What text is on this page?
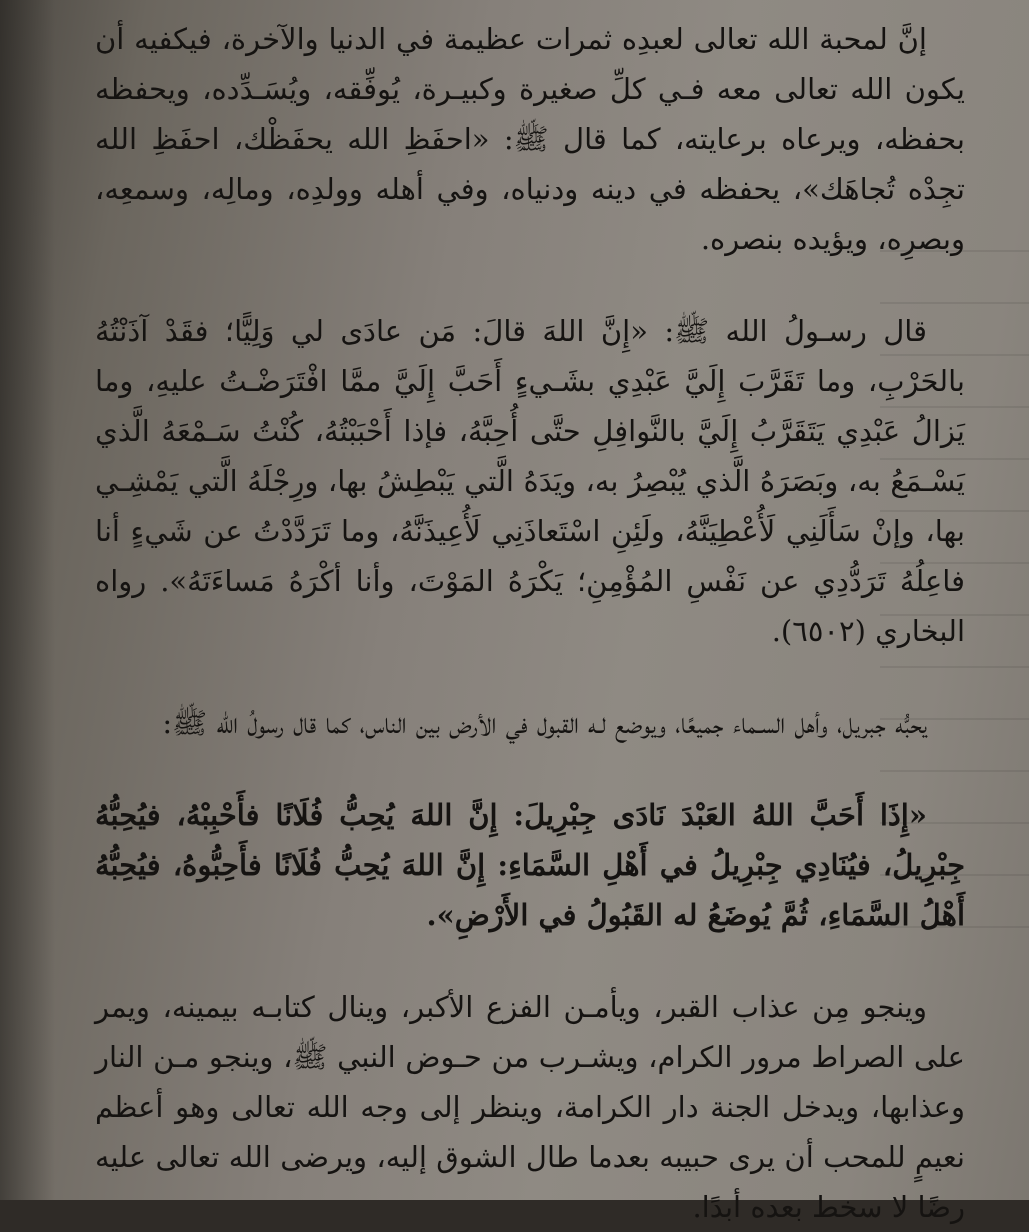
إنَّ لمحبة الله تعالى لعبدِه ثمرات عظيمة في الدنيا والآخرة، فيكفيه أن يكون الله تعالى معه فـي كلِّ صغيرة وكبيـرة، يُوفِّقه، ويُسَـدِّده، ويحفظه بحفظه، ويرعاه برعايته، كما قال ﷺ: «احفَظِ الله يحفَظْك، احفَظِ الله تجِدْه تُجاهَك»، يحفظه في دينه ودنياه، وفي أهله وولدِه، ومالِه، وسمعِه، وبصرِه، ويؤيده بنصره.

قال رسـولُ الله ﷺ: «إِنَّ اللهَ قالَ: مَن عادَى لي وَلِيًّا؛ فقَدْ آذَنْتُهُ بالحَرْبِ، وما تَقَرَّبَ إِلَيَّ عَبْدِي بشَـيءٍ أَحَبَّ إِلَيَّ ممَّا افْتَرَضْـتُ عليهِ، وما يَزالُ عَبْدِي يَتَقَرَّبُ إِلَيَّ بالنَّوافِلِ حتَّى أُحِبَّهُ، فإذا أَحْبَبْتُهُ، كُنْتُ سَـمْعَهُ الَّذي يَسْـمَعُ به، وبَصَرَهُ الَّذي يُبْصِرُ به، ويَدَهُ الَّتي يَبْطِشُ بها، ورِجْلَهُ الَّتي يَمْشِـي بها، وإنْ سَأَلَنِي لَأُعْطِيَنَّهُ، ولَئِنِ اسْتَعاذَنِي لَأُعِيذَنَّهُ، وما تَرَدَّدْتُ عن شَيءٍ أنا فاعِلُهُ تَرَدُّدِي عن نَفْسِ المُؤْمِنِ؛ يَكْرَهُ المَوْتَ، وأنا أكْرَهُ مَساءَتَهُ». رواه البخاري (٦٥٠٢).

يحبُّه جبريل، وأهل السـماء جميعًا، ويوضع لـه القبول في الأرض بين الناس، كما قال رسولُ الله ﷺ:

«إِذَا أَحَبَّ اللهُ العَبْدَ نَادَى جِبْرِيلَ: إِنَّ اللهَ يُحِبُّ فُلَانًا فأَحْبِبْهُ، فيُحِبُّهُ جِبْرِيلُ، فيُنَادِي جِبْرِيلُ في أَهْلِ السَّمَاءِ: إِنَّ اللهَ يُحِبُّ فُلَانًا فأَحِبُّوهُ، فيُحِبُّهُ أَهْلُ السَّمَاءِ، ثُمَّ يُوضَعُ له القَبُولُ في الأَرْضِ».

وينجو مِن عذاب القبر، ويأمـن الفزع الأكبر، وينال كتابـه بيمينه، ويمر على الصراط مرور الكرام، ويشـرب من حـوض النبي ﷺ، وينجو مـن النار وعذابها، ويدخل الجنة دار الكرامة، وينظر إلى وجه الله تعالى وهو أعظم نعيمٍ للمحب أن يرى حبيبه بعدما طال الشوق إليه، ويرضى الله تعالى عليه رضًا لا سخط بعده أبدًا.
